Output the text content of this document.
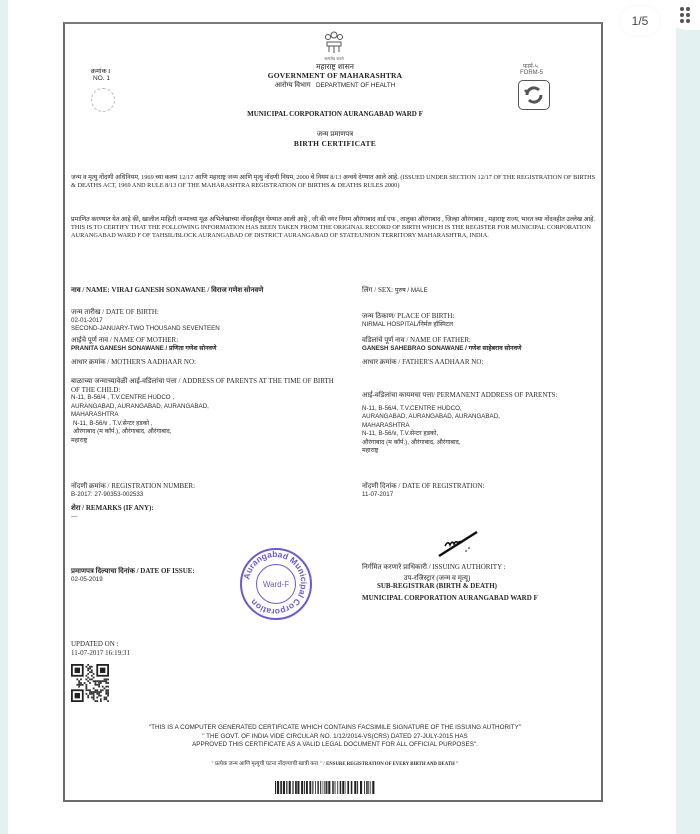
1/5
सत्यमेव जयते
क्रमांक I
NO. 1
महाराष्ट्र शासन
GOVERNMENT OF MAHARASHTRA
आरोग्य विभाग DEPARTMENT OF HEALTH
फार्म-५
FORM-5
MUNICIPAL CORPORATION AURANGABAD WARD F
जन्म प्रमाणपत्र
BIRTH CERTIFICATE
जन्म व मृत्यु नोंदणी अधिनियम, 1969 च्या कलम 12/17 आणि महाराष्ट्र जन्म आणि मृत्यु नोंदणी नियम, 2000 चे नियम 8/13 अन्वये देण्यात आले आहे. (ISSUED UNDER SECTION 12/17 OF THE REGISTRATION OF BIRTHS & DEATHS ACT, 1969 AND RULE 8/13 OF THE MAHARASHTRA REGISTRATION OF BIRTHS & DEATHS RULES 2000)
प्रमाणित करण्यात येत आहे की, खालील माहिती जन्माच्या मूळ अभिलेखाच्या नोंदवहीतून घेण्यात आली आहे , जी की नगर निगम औरंगाबाद वार्ड एफ , तालुका औरंगाबाद , जिल्हा औरंगाबाद , महाराष्ट्र राज्य, भारत च्या नोंदवहीत उल्लेख आहे.
THIS IS TO CERTIFY THAT THE FOLLOWING INFORMATION HAS BEEN TAKEN FROM THE ORIGINAL RECORD OF BIRTH WHICH IS THE REGISTER FOR MUNICIPAL CORPORATION AURANGABAD WARD F OF TAHSIL/BLOCK AURANGABAD OF DISTRICT AURANGABAD OF STATE/UNION TERRITORY MAHARASHTRA, INDIA.
नाव / NAME: VIRAJ GANESH SONAWANE / विराज गणेश सोनवणे
जन्म तारीख / DATE OF BIRTH:
02-01-2017
SECOND-JANUARY-TWO THOUSAND SEVENTEEN
आईचे पूर्ण नाव / NAME OF MOTHER:
PRANITA GANESH SONAWANE / प्रणिता गणेश सोनवणे
आधार क्रमांक / MOTHER'S AADHAAR NO:
बाळाच्या जन्माच्यावेळी आई-वडिलांचा पत्ता / ADDRESS OF PARENTS AT THE TIME OF BIRTH OF THE CHILD:
N-11, B-56/4 , T.V.CENTRE HUDCO ,
AURANGABAD, AURANGABAD, AURANGABAD,
MAHARASHTRA
N-11, B-56/४ , T.V.सेन्टर हडको ,
औरंगाबाद (म कॉर्प.), औरंगाबाद, औरंगाबाद,
महाराष्ट्र
नोंदणी क्रमांक / REGISTRATION NUMBER:
B-2017: 27-90353-002533
शेरा / REMARKS (IF ANY):
---
प्रमाणपत्र दिल्याचा दिनांक / DATE OF ISSUE:
02-05-2019
UPDATED ON :
11-07-2017 16:19:31
लिंग / SEX: पुरुष / MALE
जन्म ठिकाण/ PLACE OF BIRTH:
NIRMAL HOSPITAL/निर्मल हॉस्पिटल
वडिलांचे पूर्ण नाव / NAME OF FATHER:
GANESH SAHEBRAO SONAWANE / गणेश साहेबराव सोनवणे
आधार क्रमांक / FATHER'S AADHAAR NO:
आई-वडिलांचा कायमचा पत्ता/ PERMANENT ADDRESS OF PARENTS:
N-11, B-56/4, T.V.CENTRE HUDCO,
AURANGABAD, AURANGABAD, AURANGABAD,
MAHARASHTRA
N-11, B-56/४, T.V.सेन्टर हडको,
औरंगाबाद (म कॉर्प.), औरंगाबाद, औरंगाबाद,
महाराष्ट्र
नोंदणी दिनांक / DATE OF REGISTRATION:
11-07-2017
निर्गमित करणारे प्राधिकारी / ISSUING AUTHORITY :
उप-रजिस्ट्रार (जन्म व मृत्यू)
SUB-REGISTRAR (BIRTH & DEATH)
MUNICIPAL CORPORATION AURANGABAD WARD F
Aurangabad Municipal Corporation
Ward-F
"THIS IS A COMPUTER GENERATED CERTIFICATE WHICH CONTAINS FACSIMILE SIGNATURE OF THE ISSUING AUTHORITY"
" THE GOVT. OF INDIA VIDE CIRCULAR NO. 1/12/2014-VS(CRS) DATED 27-JULY-2015 HAS
APPROVED THIS CERTIFICATE AS A VALID LEGAL DOCUMENT FOR ALL OFFICIAL PURPOSES".
" प्रत्येक जन्म आणि मृत्यूची घटना नोंदण्याची खात्री करा " / ENSURE REGISTRATION OF EVERY BIRTH AND DEATH "
